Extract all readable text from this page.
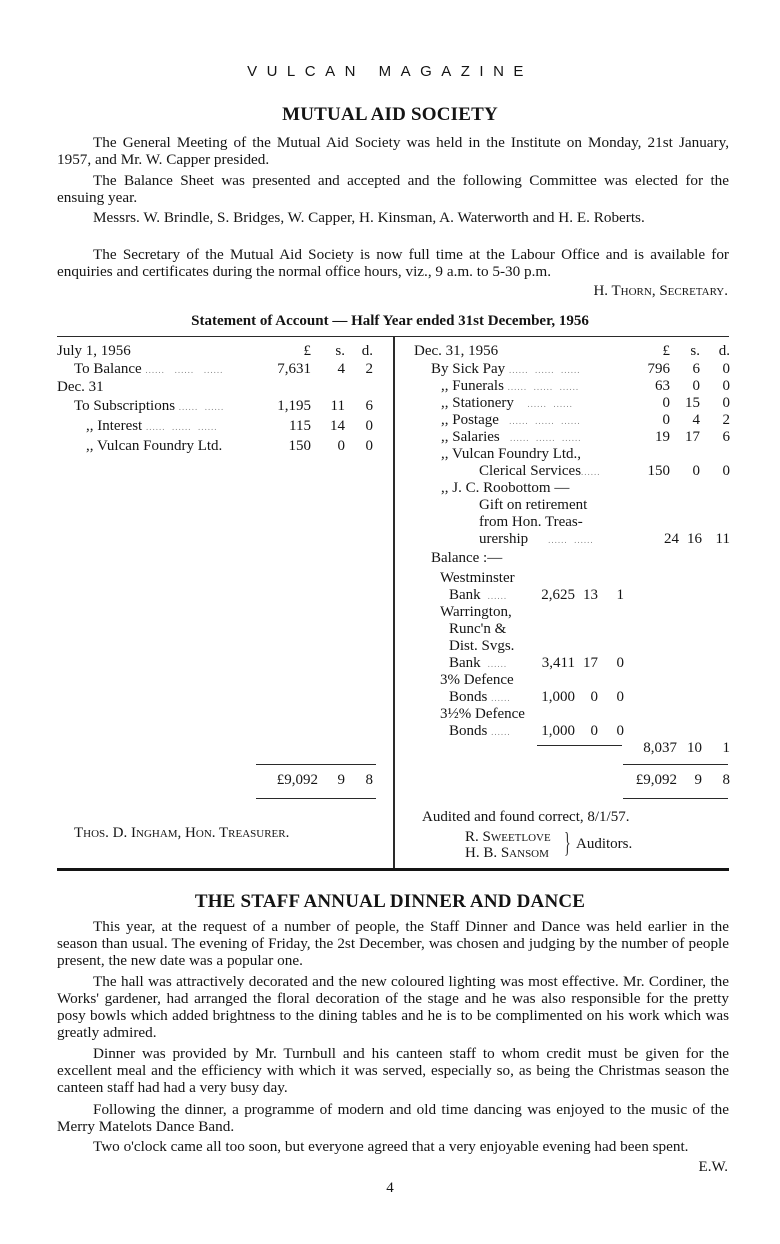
VULCAN MAGAZINE
MUTUAL AID SOCIETY
The General Meeting of the Mutual Aid Society was held in the Institute on Monday, 21st January, 1957, and Mr. W. Capper presided.
The Balance Sheet was presented and accepted and the following Committee was elected for the ensuing year.
Messrs. W. Brindle, S. Bridges, W. Capper, H. Kinsman, A. Waterworth and H. E. Roberts.
The Secretary of the Mutual Aid Society is now full time at the Labour Office and is available for enquiries and certificates during the normal office hours, viz., 9 a.m. to 5-30 p.m.
H. Thorn, Secretary.
Statement of Account — Half Year ended 31st December, 1956
July 1, 1956	£	s.	d.
To Balance ......   ......   ......	7,631	4	2
Dec. 31
To Subscriptions ......  ......	1,195	11	6
,, Interest ......  ......  ......	115	14	0
,, Vulcan Foundry Ltd.	150	0	0
£9,092	9	8
Thos. D. Ingham, Hon. Treasurer.
Dec. 31, 1956	£	s.	d.
By Sick Pay ......  ......  ......	796	6	0
,, Funerals ......  ......  ......	63	0	0
,, Stationery    ......  ......	0	15	0
,, Postage   ......  ......  ......	0	4	2
,, Salaries   ......  ......  ......	19	17	6
,, Vulcan Foundry Ltd.,
Clerical Services......	150	0	0
,, J. C. Roobottom —
Gift on retirement
from Hon. Treas-
urership      ......  ......	24 16 11
Balance :—
Westminster
Bank  ......	2,625 13	1
Warrington,
Runc'n &
Dist. Svgs.
Bank  ......	3,411 17	0
3% Defence
Bonds ......	1,000	0	0
3½% Defence
Bonds ......	1,000	0	0
8,037 10	1
£9,092	9	8
Audited and found correct, 8/1/57.
R. Sweetlove
H. B. Sansom } Auditors.
THE STAFF ANNUAL DINNER AND DANCE
This year, at the request of a number of people, the Staff Dinner and Dance was held earlier in the season than usual. The evening of Friday, the 2st December, was chosen and judging by the number of people present, the new date was a popular one.
The hall was attractively decorated and the new coloured lighting was most effective. Mr. Cordiner, the Works' gardener, had arranged the floral decoration of the stage and he was also responsible for the pretty posy bowls which added brightness to the dining tables and he is to be complimented on his work which was greatly admired.
Dinner was provided by Mr. Turnbull and his canteen staff to whom credit must be given for the excellent meal and the efficiency with which it was served, especially so, as being the Christmas season the canteen staff had had a very busy day.
Following the dinner, a programme of modern and old time dancing was enjoyed to the music of the Merry Matelots Dance Band.
Two o'clock came all too soon, but everyone agreed that a very enjoyable evening had been spent.
E.W.
4
